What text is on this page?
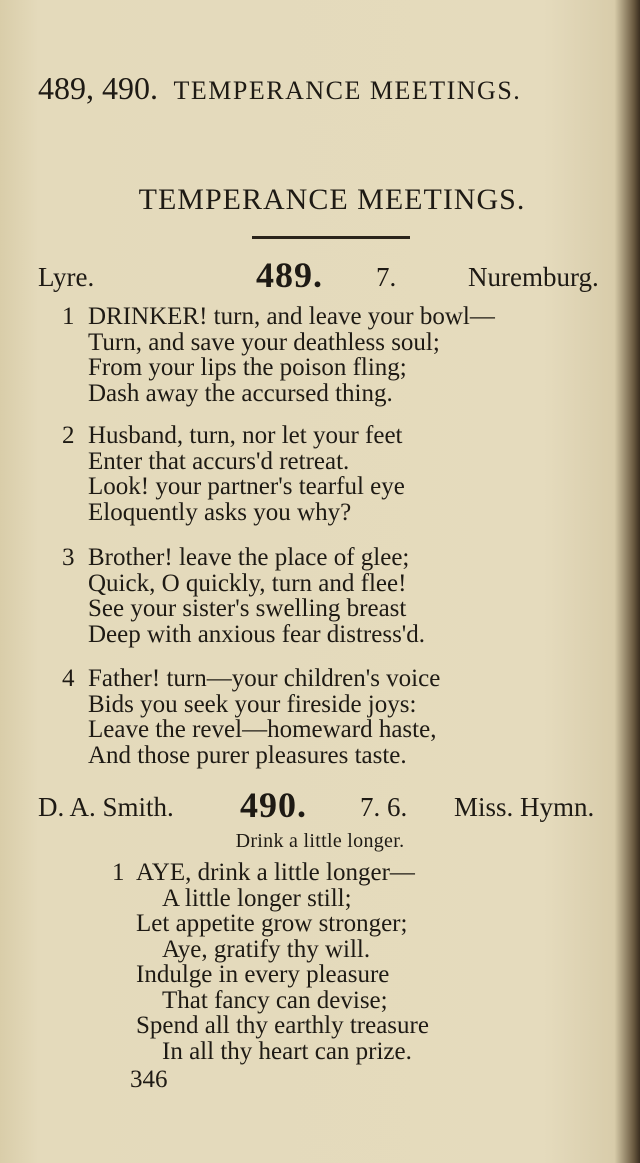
489, 490. TEMPERANCE MEETINGS.
TEMPERANCE MEETINGS.
Lyre.	489. 7.	Nuremburg.
1 DRINKER! turn, and leave your bowl—
Turn, and save your deathless soul;
From your lips the poison fling;
Dash away the accursed thing.
2 Husband, turn, nor let your feet
Enter that accurs'd retreat.
Look! your partner's tearful eye
Eloquently asks you why?
3 Brother! leave the place of glee;
Quick, O quickly, turn and flee!
See your sister's swelling breast
Deep with anxious fear distress'd.
4 Father! turn—your children's voice
Bids you seek your fireside joys:
Leave the revel—homeward haste,
And those purer pleasures taste.
D. A. Smith. 490. 7. 6. Miss. Hymn.
Drink a little longer.
1 AYE, drink a little longer—
A little longer still;
Let appetite grow stronger;
Aye, gratify thy will.
Indulge in every pleasure
That fancy can devise;
Spend all thy earthly treasure
In all thy heart can prize.
346
